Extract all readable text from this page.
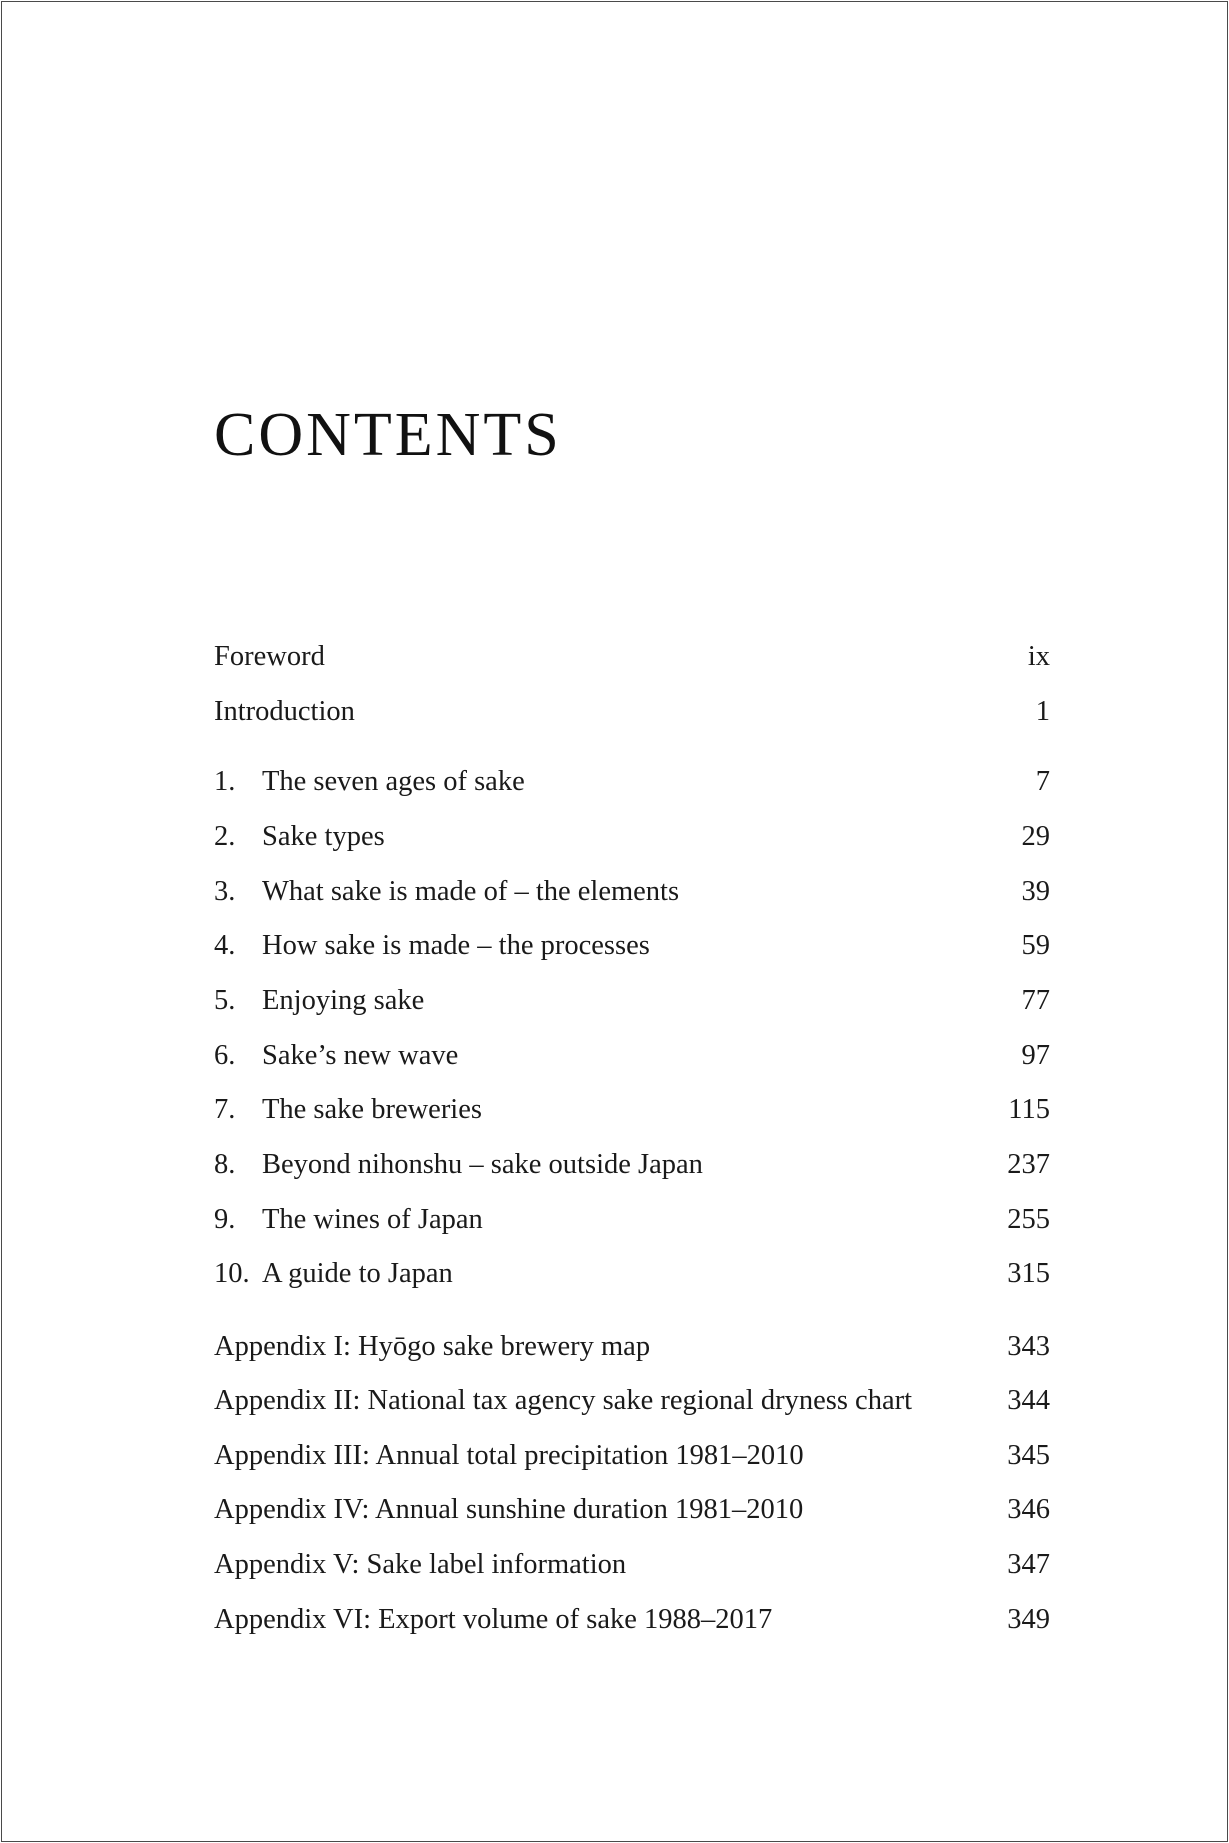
CONTENTS
Foreword	ix
Introduction	1
1. The seven ages of sake	7
2. Sake types	29
3. What sake is made of – the elements	39
4. How sake is made – the processes	59
5. Enjoying sake	77
6. Sake’s new wave	97
7. The sake breweries	115
8. Beyond nihonshu – sake outside Japan	237
9. The wines of Japan	255
10. A guide to Japan	315
Appendix I: Hyōgo sake brewery map	343
Appendix II: National tax agency sake regional dryness chart	344
Appendix III: Annual total precipitation 1981–2010	345
Appendix IV: Annual sunshine duration 1981–2010	346
Appendix V: Sake label information	347
Appendix VI: Export volume of sake 1988–2017	349
